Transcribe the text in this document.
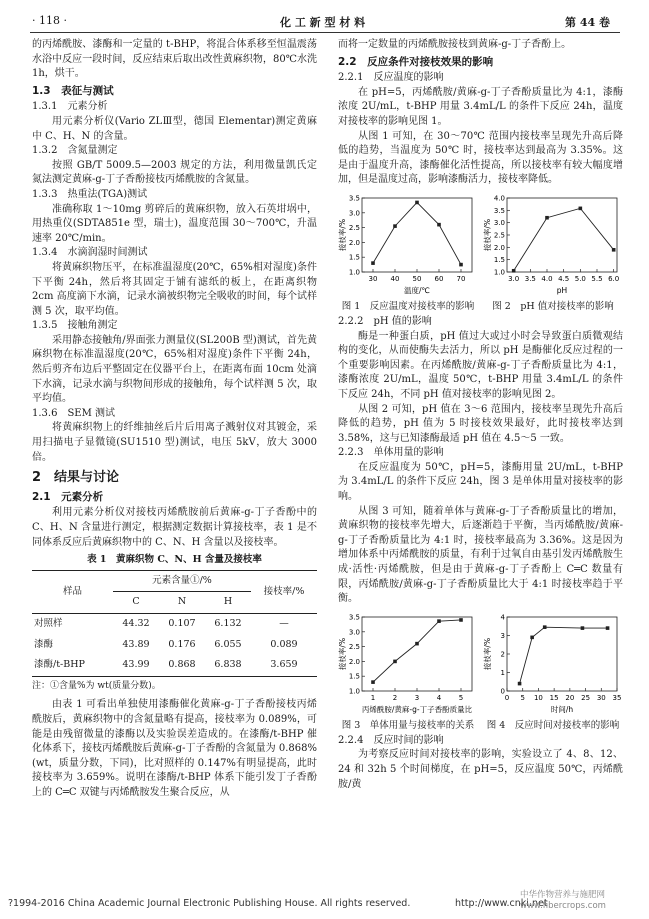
· 118 ·	化 工 新 型 材 料	第 44 卷

的丙烯酰胺、漆酶和一定量的 t-BHP，将混合体系移至恒温震荡水浴中反应一段时间，反应结束后取出改性黄麻织物，80℃水洗 1h，烘干。

1.3　表征与测试
1.3.1　元素分析

用元素分析仪(Vario ZLⅢ型，德国 Elementar)测定黄麻中 C、H、N 的含量。

1.3.2　含氮量测定

按照 GB/T 5009.5—2003 规定的方法，利用微量凯氏定氮法测定黄麻-g-丁子香酚接枝丙烯酰胺的含氮量。

1.3.3　热重法(TGA)测试

准确称取 1～10mg 剪碎后的黄麻织物，放入石英坩埚中，用热重仪(SDTA851e 型，瑞士)，温度范围 30～700℃，升温速率 20℃/min。

1.3.4　水滴润湿时间测试

将黄麻织物压平，在标准温湿度(20℃，65%相对湿度)条件下平衡 24h，然后将其固定于铺有滤纸的板上，在距离织物 2cm 高度滴下水滴，记录水滴被织物完全吸收的时间，每个试样测 5 次，取平均值。

1.3.5　接触角测定

采用静态接触角/界面张力测量仪(SL200B 型)测试，首先黄麻织物在标准温湿度(20℃，65%相对湿度)条件下平衡 24h，然后剪齐布边后平整固定在仪器平台上，在距离布面 10cm 处滴下水滴，记录水滴与织物间形成的接触角，每个试样测 5 次，取平均值。

1.3.6　SEM 测试

将黄麻织物上的纤维抽丝后片后用离子溅射仪对其镀金，采用扫描电子显微镜(SU1510 型)测试，电压 5kV，放大 3000 倍。

2　结果与讨论
2.1　元素分析

利用元素分析仪对接枝丙烯酰胺前后黄麻-g-丁子香酚中的 C、H、N 含量进行测定，根据测定数据计算接枝率，表 1 是不同体系反应后黄麻织物中的 C、N、H 含量以及接枝率。

表 1　黄麻织物 C、N、H 含量及接枝率
样品	元素含量①/%			接枝率/%
	C	N	H	
对照样	44.32	0.107	6.132	—
漆酶	43.89	0.176	6.055	0.089
漆酶/t-BHP	43.99	0.868	6.838	3.659
注：①含量%为 wt(质量分数)。

由表 1 可看出单独使用漆酶催化黄麻-g-丁子香酚接枝丙烯酰胺后，黄麻织物中的含氮量略有提高，接枝率为 0.089%，可能是由残留微量的漆酶以及实验误差造成的。在漆酶/t-BHP 催化体系下，接枝丙烯酰胺后黄麻-g-丁子香酚的含氮量为 0.868%(wt，质量分数，下同)，比对照样的 0.147%有明显提高，此时接枝率为 3.659%。说明在漆酶/t-BHP 体系下能引发丁子香酚上的 C═C 双键与丙烯酰胺发生聚合反应，从

而将一定数量的丙烯酰胺接枝到黄麻-g-丁子香酚上。

2.2　反应条件对接枝效果的影响
2.2.1　反应温度的影响

在 pH=5，丙烯酰胺/黄麻-g-丁子香酚质量比为 4:1，漆酶浓度 2U/mL，t-BHP 用量 3.4mL/L 的条件下反应 24h，温度对接枝率的影响见图 1。

从图 1 可知，在 30～70℃ 范围内接枝率呈现先升高后降低的趋势，当温度为 50℃ 时，接枝率达到最高为 3.35%。这是由于温度升高，漆酶催化活性提高，所以接枝率有较大幅度增加，但是温度过高，影响漆酶活力，接枝率降低。

30 40 50 60 70
1.0
1.5
2.0
2.5
3.0
3.5
温度/℃
接枝率/%
图 1　反应温度对接枝率的影响
3.0 3.5 4.0 4.5 5.0 5.5 6.0
1.0
1.5
2.0
2.5
3.0
3.5
4.0
pH
接枝率/%
图 2　pH 值对接枝率的影响
2.2.2　pH 值的影响

酶是一种蛋白质，pH 值过大或过小时会导致蛋白质微观结构的变化，从而使酶失去活力，所以 pH 是酶催化反应过程的一个重要影响因素。在丙烯酰胺/黄麻-g-丁子香酚质量比为 4:1，漆酶浓度 2U/mL，温度 50℃，t-BHP 用量 3.4mL/L 的条件下反应 24h，不同 pH 值对接枝率的影响见图 2。

从图 2 可知，pH 值在 3～6 范围内，接枝率呈现先升高后降低的趋势，pH 值为 5 时接枝效果最好，此时接枝率达到 3.58%，这与已知漆酶最适 pH 值在 4.5～5 一致。

2.2.3　单体用量的影响

在反应温度为 50℃，pH=5，漆酶用量 2U/mL，t-BHP 为 3.4mL/L 的条件下反应 24h，图 3 是单体用量对接枝率的影响。

从图 3 可知，随着单体与黄麻-g-丁子香酚质量比的增加，黄麻织物的接枝率先增大，后逐渐趋于平衡，当丙烯酰胺/黄麻-g-丁子香酚质量比为 4:1 时，接枝率最高为 3.36%。这是因为增加体系中丙烯酰胺的质量，有利于过氧自由基引发丙烯酰胺生成·活性·丙烯酰胺，但是由于黄麻-g-丁子香酚上 C═C 数量有限，丙烯酰胺/黄麻-g-丁子香酚质量比大于 4:1 时接枝率趋于平衡。

1	2	3	4	5
1.0
1.5
2.0
2.5
3.0
3.5
丙烯酰胺/黄麻-g-丁子香酚质量比
接枝率/%
图 3　单体用量与接枝率的关系
0 5 10 15 20 25 30 35
0
1
2
3
4
时间/h
接枝率/%
图 4　反应时间对接枝率的影响
2.2.4　反应时间的影响

为考察反应时间对接枝率的影响，实验设立了 4、8、12、24 和 32h 5 个时间梯度，在 pH=5，反应温度 50℃，丙烯酰胺/黄

?1994-2016 China Academic Journal Electronic Publishing House. All rights reserved.	http://www.cnki.net
中华作物营养与施肥网 www.fibercrops.com
